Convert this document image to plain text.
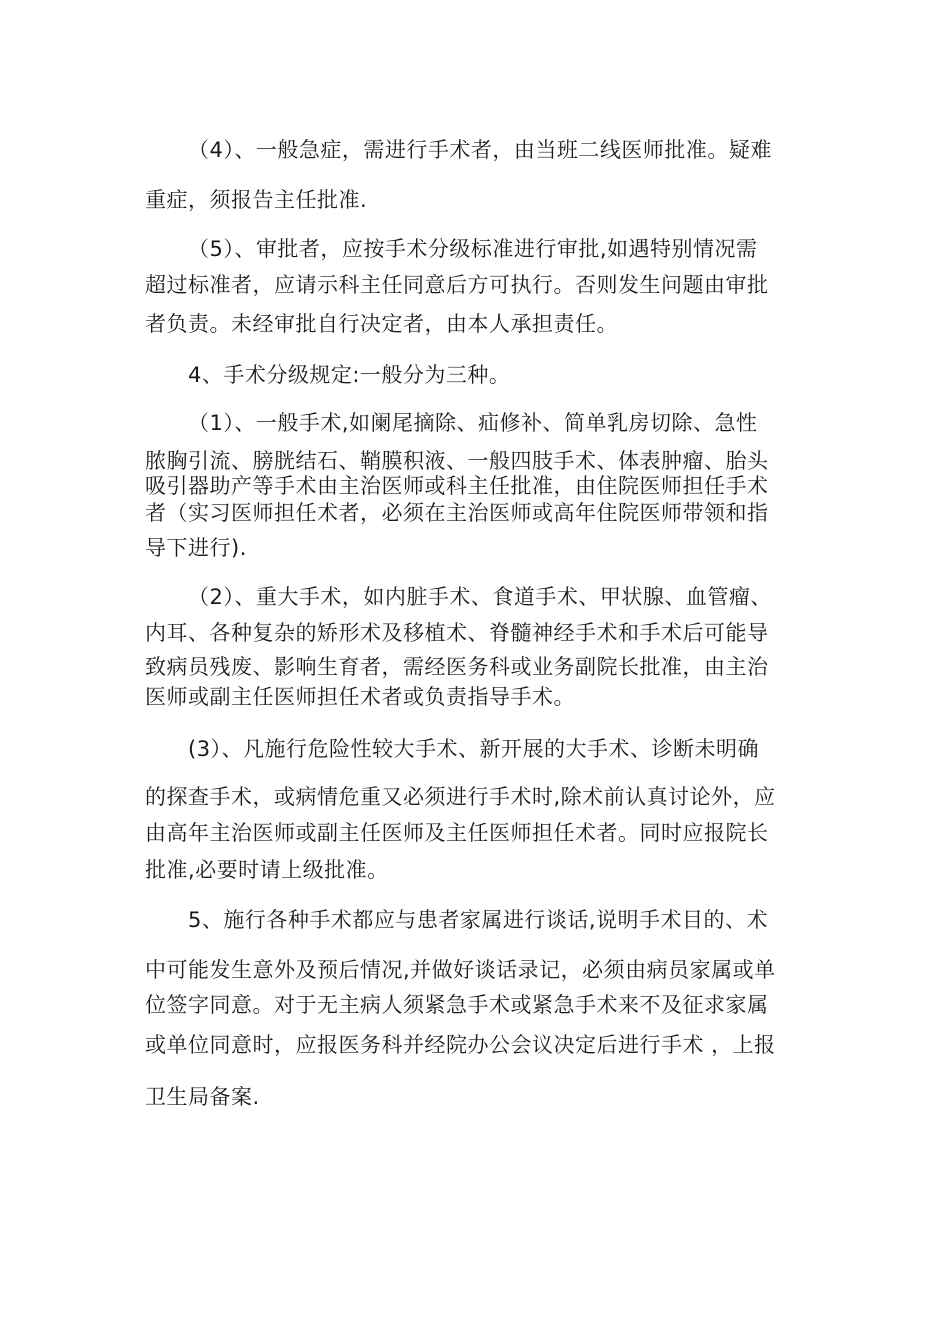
（4）、一般急症，需进行手术者，由当班二线医师批准。疑难
重症，须报告主任批准.
（5）、审批者，应按手术分级标准进行审批,如遇特别情况需
超过标准者，应请示科主任同意后方可执行。否则发生问题由审批
者负责。未经审批自行决定者，由本人承担责任。
4、手术分级规定:一般分为三种。
（1）、一般手术,如阑尾摘除、疝修补、简单乳房切除、急性
脓胸引流、膀胱结石、鞘膜积液、一般四肢手术、体表肿瘤、胎头
吸引器助产等手术由主治医师或科主任批准，由住院医师担任手术
者（实习医师担任术者，必须在主治医师或高年住院医师带领和指
导下进行).
（2）、重大手术，如内脏手术、食道手术、甲状腺、血管瘤、
内耳、各种复杂的矫形术及移植术、脊髓神经手术和手术后可能导
致病员残废、影响生育者，需经医务科或业务副院长批准，由主治
医师或副主任医师担任术者或负责指导手术。
(3）、凡施行危险性较大手术、新开展的大手术、诊断未明确
的探查手术，或病情危重又必须进行手术时,除术前认真讨论外，应
由高年主治医师或副主任医师及主任医师担任术者。同时应报院长
批准,必要时请上级批准。
5、施行各种手术都应与患者家属进行谈话,说明手术目的、术
中可能发生意外及预后情况,并做好谈话录记，必须由病员家属或单
位签字同意。对于无主病人须紧急手术或紧急手术来不及征求家属
或单位同意时，应报医务科并经院办公会议决定后进行手术 ，上报
卫生局备案.
